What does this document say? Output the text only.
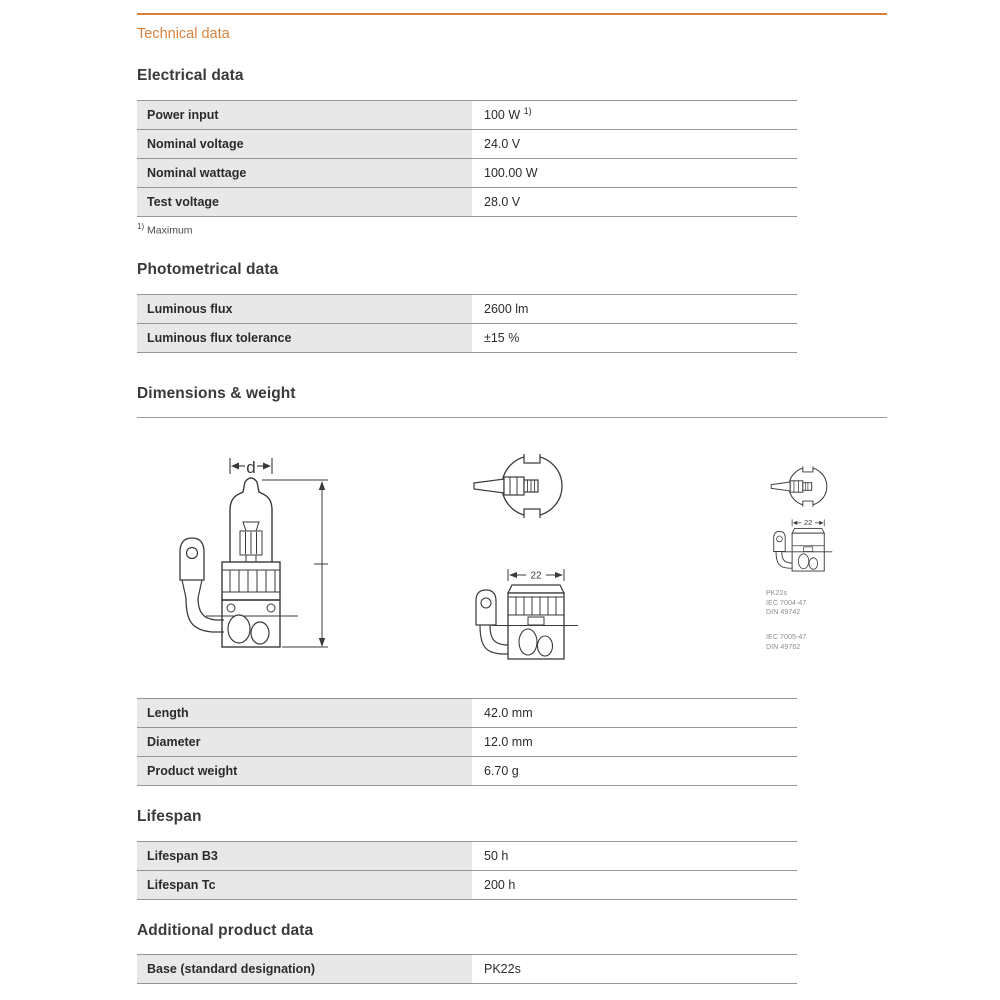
Technical data
Electrical data
Power input	100 W $^{1)}$
Nominal voltage	24.0 V
Nominal wattage	100.00 W
Test voltage	28.0 V
$^{1)}$ Maximum
Photometrical data
Luminous flux	2600 lm
Luminous flux tolerance	±15 %
Dimensions & weight
d
22
22
PK22s
IEC 7004-47
DIN 49742
IEC 7005-47
DIN 49762
Length	42.0 mm
Diameter	12.0 mm
Product weight	6.70 g
Lifespan
Lifespan B3	50 h
Lifespan Tc	200 h
Additional product data
Base (standard designation)	PK22s
